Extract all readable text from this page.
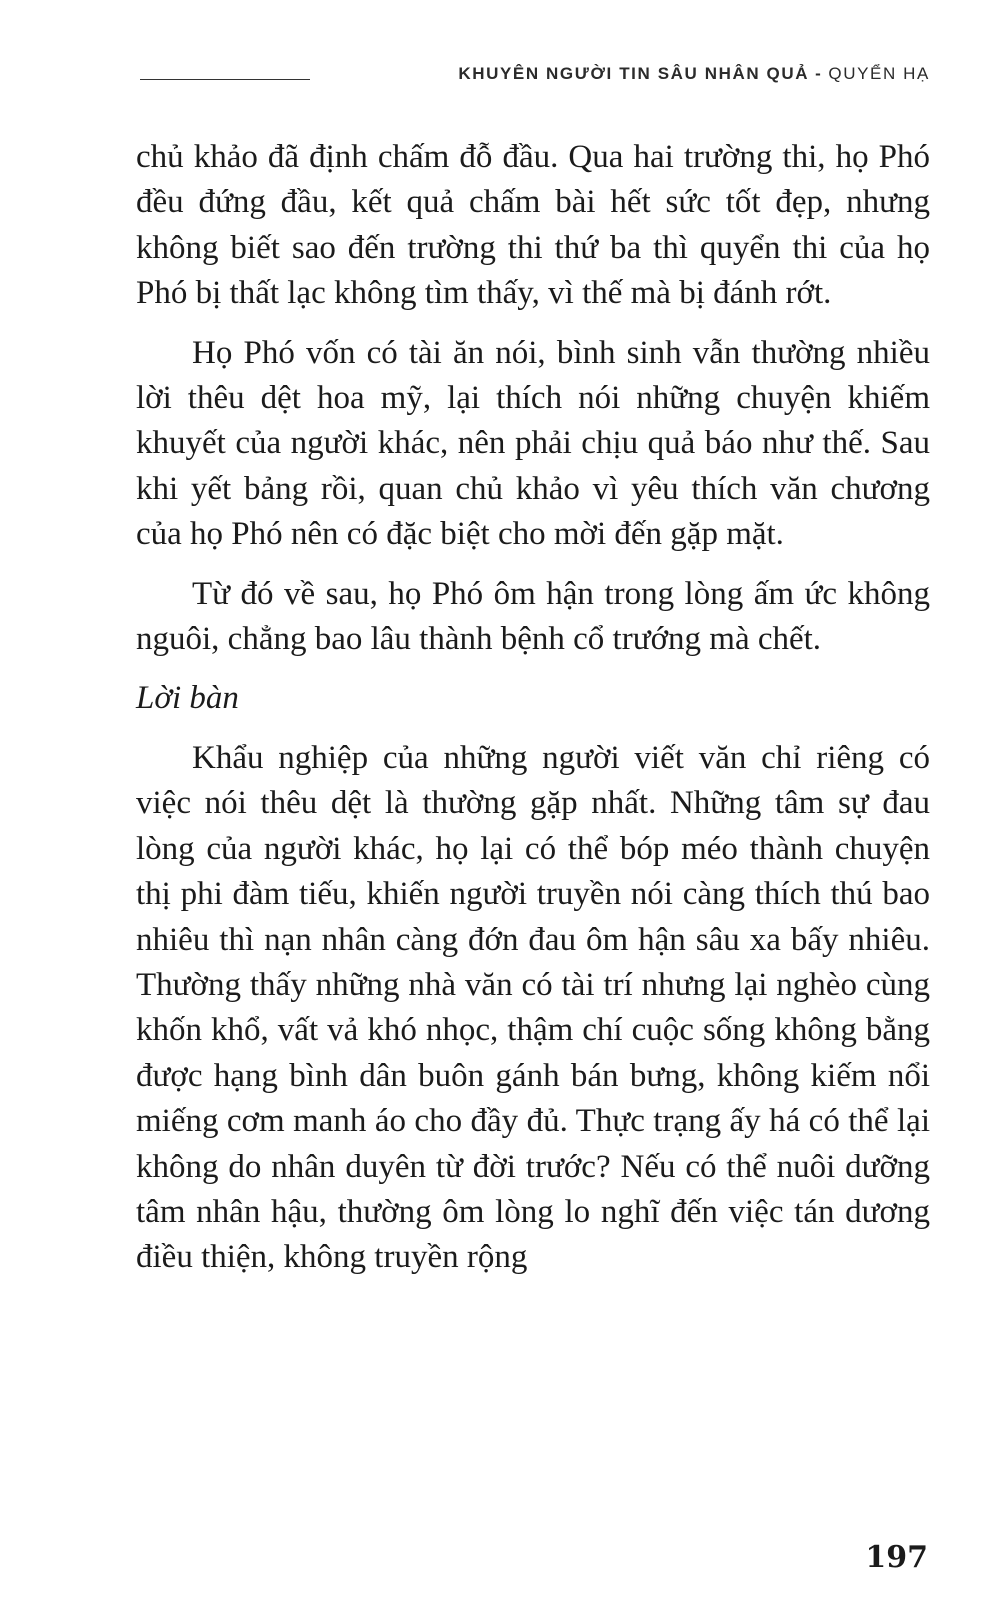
KHUYÊN NGƯỜI TIN SÂU NHÂN QUẢ - QUYỂN HẠ

chủ khảo đã định chấm đỗ đầu. Qua hai trường thi, họ Phó đều đứng đầu, kết quả chấm bài hết sức tốt đẹp, nhưng không biết sao đến trường thi thứ ba thì quyển thi của họ Phó bị thất lạc không tìm thấy, vì thế mà bị đánh rớt.

Họ Phó vốn có tài ăn nói, bình sinh vẫn thường nhiều lời thêu dệt hoa mỹ, lại thích nói những chuyện khiếm khuyết của người khác, nên phải chịu quả báo như thế. Sau khi yết bảng rồi, quan chủ khảo vì yêu thích văn chương của họ Phó nên có đặc biệt cho mời đến gặp mặt.

Từ đó về sau, họ Phó ôm hận trong lòng ấm ức không nguôi, chẳng bao lâu thành bệnh cổ trướng mà chết.

Lời bàn

Khẩu nghiệp của những người viết văn chỉ riêng có việc nói thêu dệt là thường gặp nhất. Những tâm sự đau lòng của người khác, họ lại có thể bóp méo thành chuyện thị phi đàm tiếu, khiến người truyền nói càng thích thú bao nhiêu thì nạn nhân càng đớn đau ôm hận sâu xa bấy nhiêu. Thường thấy những nhà văn có tài trí nhưng lại nghèo cùng khốn khổ, vất vả khó nhọc, thậm chí cuộc sống không bằng được hạng bình dân buôn gánh bán bưng, không kiếm nổi miếng cơm manh áo cho đầy đủ. Thực trạng ấy há có thể lại không do nhân duyên từ đời trước? Nếu có thể nuôi dưỡng tâm nhân hậu, thường ôm lòng lo nghĩ đến việc tán dương điều thiện, không truyền rộng

197
